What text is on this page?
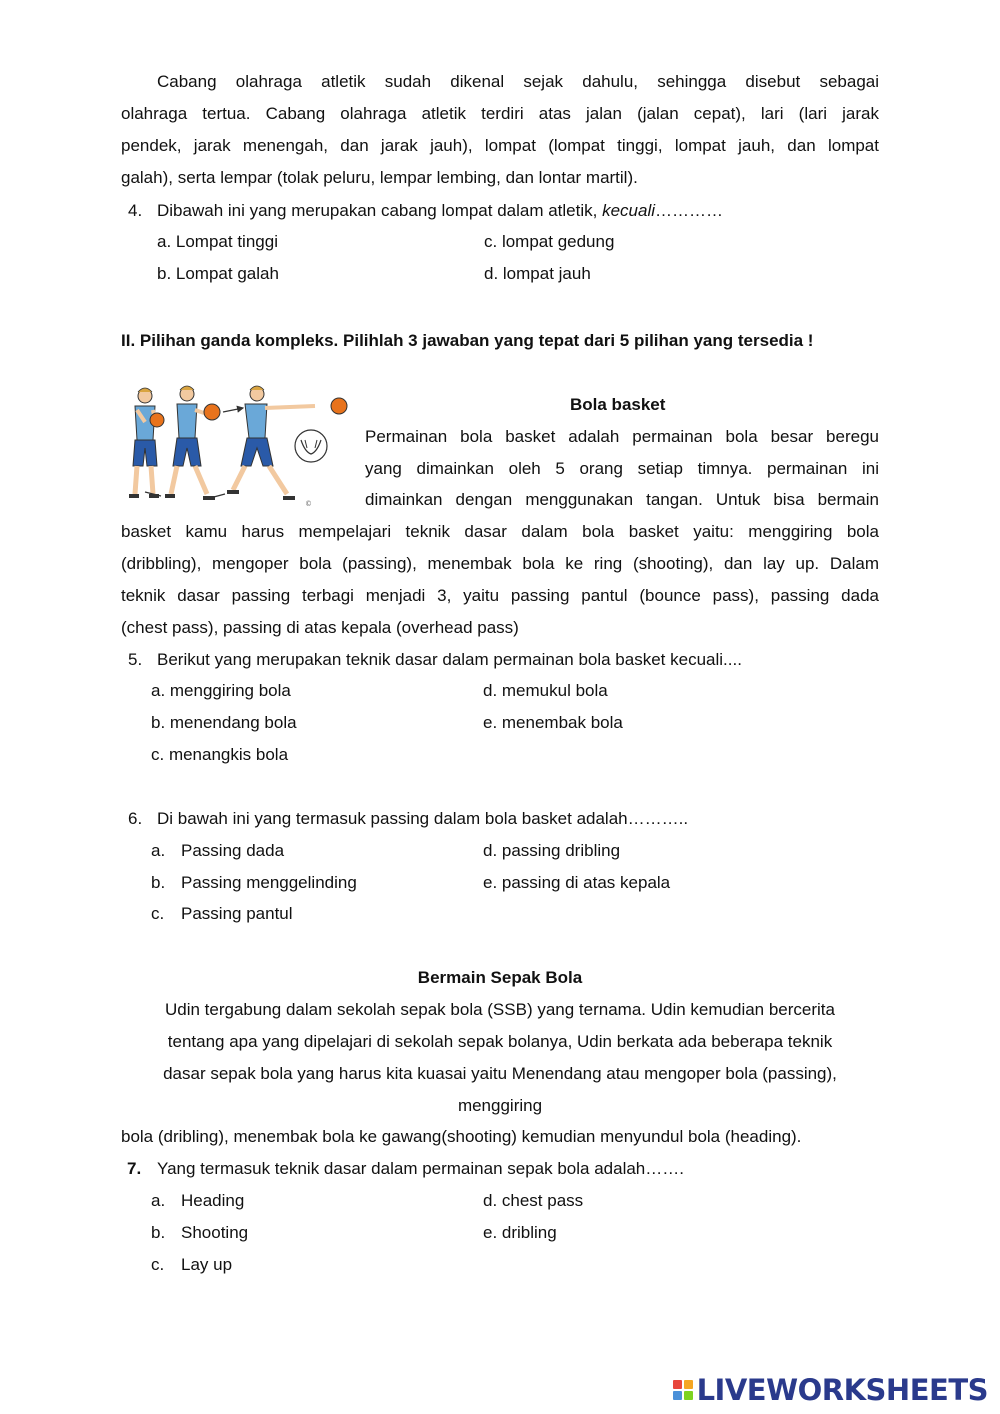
Cabang olahraga atletik sudah dikenal sejak dahulu, sehingga disebut sebagai
olahraga tertua. Cabang olahraga atletik terdiri atas jalan (jalan cepat), lari (lari jarak
pendek, jarak menengah, dan jarak jauh), lompat (lompat tinggi, lompat jauh, dan lompat
galah), serta lempar (tolak peluru, lempar lembing, dan lontar martil).
4. Dibawah ini yang merupakan cabang lompat dalam atletik, kecuali…………
a. Lompat tinggi	c. lompat gedung
b. Lompat galah	d. lompat jauh
II. Pilihan ganda kompleks. Pilihlah 3 jawaban yang tepat dari 5 pilihan yang tersedia !
©
Bola basket
Permainan bola basket adalah permainan bola besar beregu
yang dimainkan oleh 5 orang setiap timnya. permainan ini
dimainkan dengan menggunakan tangan. Untuk bisa bermain
basket kamu harus mempelajari teknik dasar dalam bola basket yaitu: menggiring bola
(dribbling), mengoper bola (passing), menembak bola ke ring (shooting), dan lay up. Dalam
teknik dasar passing terbagi menjadi 3, yaitu passing pantul (bounce pass), passing dada
(chest pass), passing di atas kepala (overhead pass)
5. Berikut yang merupakan teknik dasar dalam permainan bola basket kecuali....
a. menggiring bola	d. memukul bola
b. menendang bola	e. menembak bola
c. menangkis bola
6. Di bawah ini yang termasuk passing dalam bola basket adalah………..
a. Passing dada	d. passing dribling
b. Passing menggelinding	e. passing di atas kepala
c. Passing pantul
Bermain Sepak Bola
Udin tergabung dalam sekolah sepak bola (SSB) yang ternama. Udin kemudian bercerita
tentang apa yang dipelajari di sekolah sepak bolanya, Udin berkata ada beberapa teknik
dasar sepak bola yang harus kita kuasai yaitu Menendang atau mengoper bola (passing),
menggiring
bola (dribling), menembak bola ke gawang(shooting) kemudian menyundul bola (heading).
7. Yang termasuk teknik dasar dalam permainan sepak bola adalah…….
a. Heading	d. chest pass
b. Shooting	e. dribling
c. Lay up
LIVEWORKSHEETS
